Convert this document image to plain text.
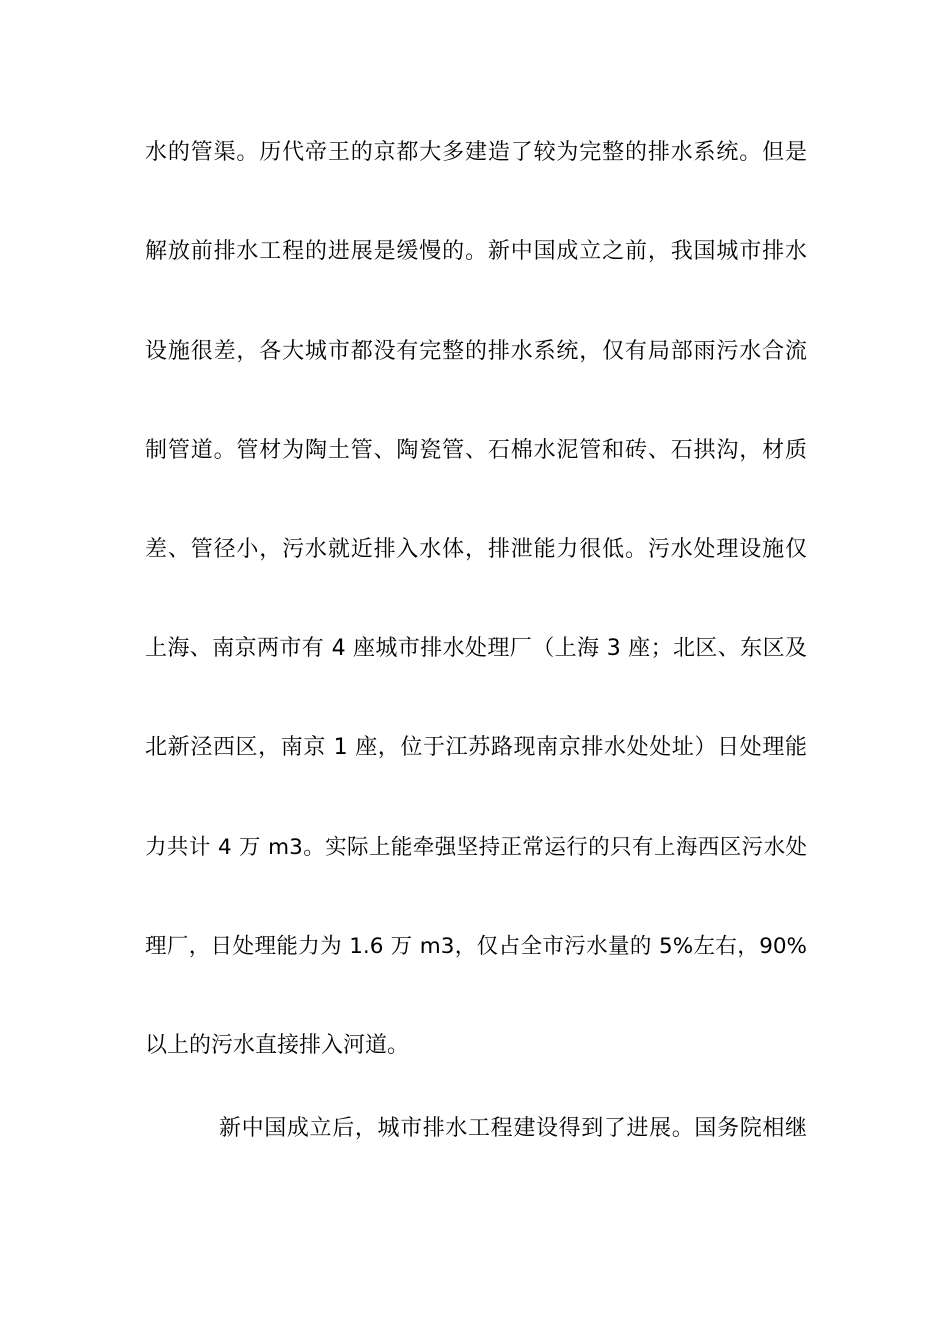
水的管渠。历代帝王的京都大多建造了较为完整的排水系统。但是
解放前排水工程的进展是缓慢的。新中国成立之前，我国城市排水
设施很差，各大城市都没有完整的排水系统，仅有局部雨污水合流
制管道。管材为陶土管、陶瓷管、石棉水泥管和砖、石拱沟，材质
差、管径小，污水就近排入水体，排泄能力很低。污水处理设施仅
上海、南京两市有 4 座城市排水处理厂（上海 3 座；北区、东区及
北新泾西区，南京 1 座，位于江苏路现南京排水处处址）日处理能
力共计 4 万 m3。实际上能牵强坚持正常运行的只有上海西区污水处
理厂，日处理能力为 1.6 万 m3，仅占全市污水量的 5%左右，90%
以上的污水直接排入河道。
新中国成立后，城市排水工程建设得到了进展。国务院相继
